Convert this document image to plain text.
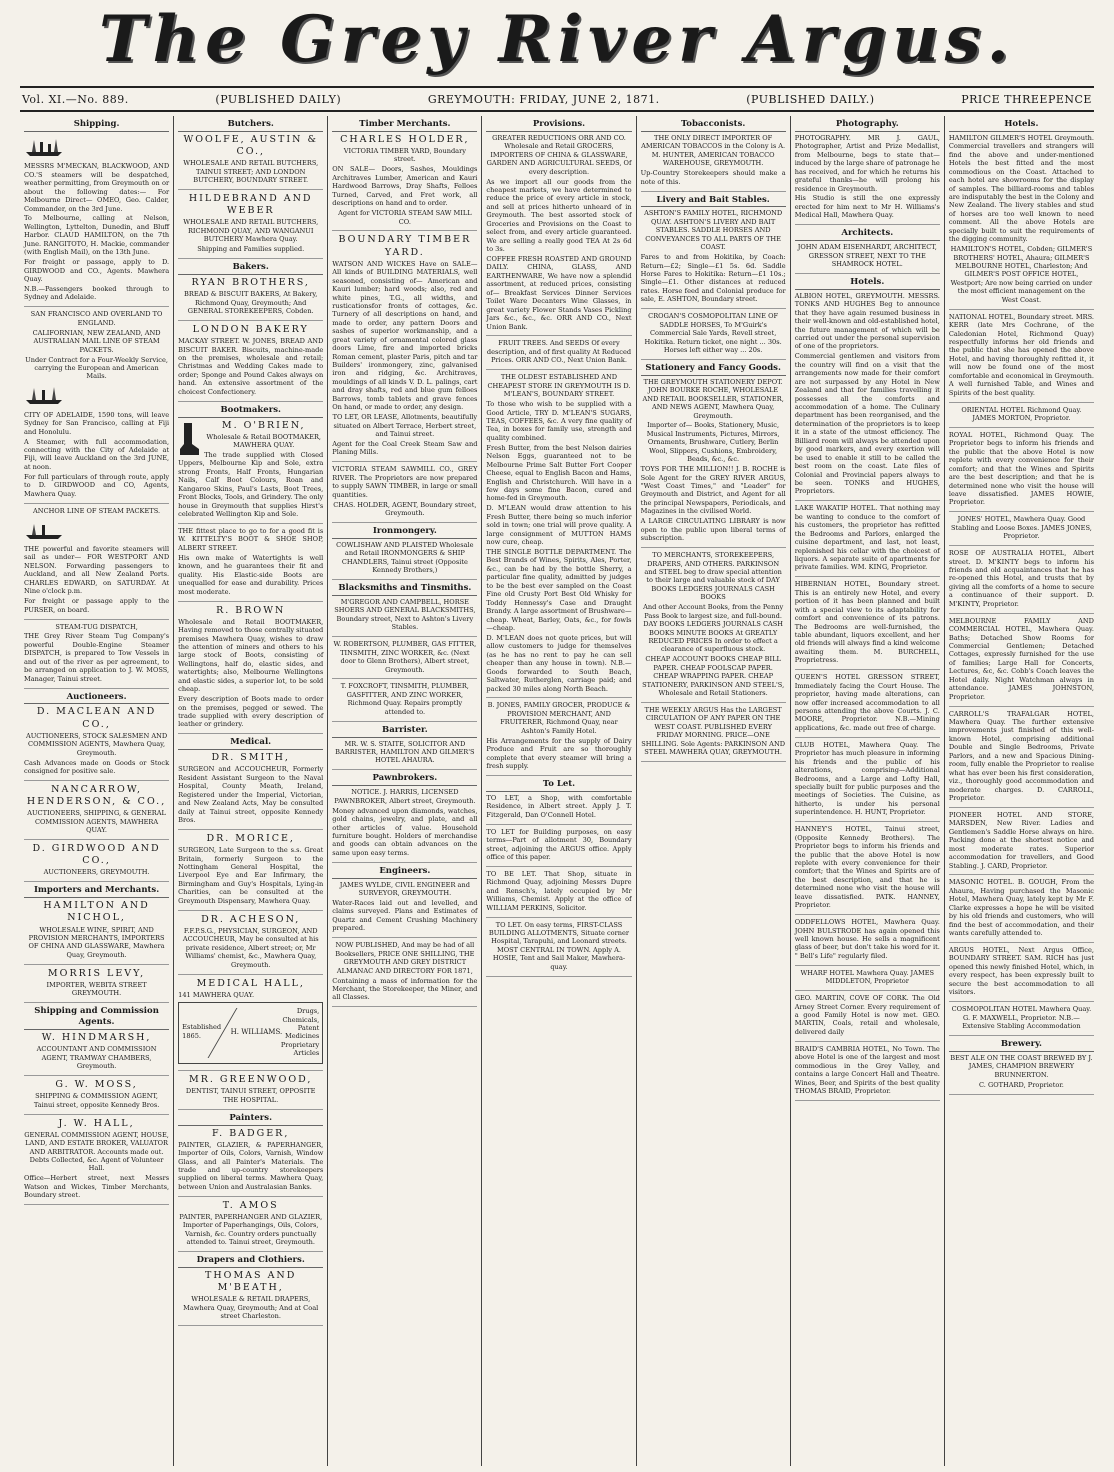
The Grey River Argus.
Vol. XI.—No. 889.	(PUBLISHED DAILY)	GREYMOUTH: FRIDAY, JUNE 2, 1871.	(PUBLISHED DAILY.)	PRICE THREEPENCE
Shipping.

MESSRS M'MECKAN, BLACKWOOD, AND CO.'S steamers will be despatched, weather permitting, from Greymouth on or about the following dates:— For Melbourne Direct— OMEO, Geo. Calder, Commander, on the 3rd June.

To Melbourne, calling at Nelson, Wellington, Lyttelton, Dunedin, and Bluff Harbor. CLAUD HAMILTON, on the 7th June. RANGITOTO, H. Mackie, commander (with English Mail), on the 13th June.

For freight or passage, apply to D. GIRDWOOD and CO., Agents. Mawhera Quay.

N.B.—Passengers booked through to Sydney and Adelaide.

SAN FRANCISCO AND OVERLAND TO ENGLAND.

CALIFORNIAN, NEW ZEALAND, AND AUSTRALIAN MAIL LINE OF STEAM PACKETS.

Under Contract for a Four-Weekly Service, carrying the European and American Mails.

CITY OF ADELAIDE, 1590 tons, will leave Sydney for San Francisco, calling at Fiji and Honolulu.

A Steamer, with full accommodation, connecting with the City of Adelaide at Fiji, will leave Auckland on the 3rd JUNE, at noon.

For full particulars of through route, apply to D. GIRDWOOD and CO, Agents, Mawhera Quay.

ANCHOR LINE OF STEAM PACKETS.

THE powerful and favorite steamers will sail as under— FOR WESTPORT AND NELSON. Forwarding passengers to Auckland, and all New Zealand Ports. CHARLES EDWARD, on SATURDAY. At Nine o'clock p.m.

For freight or passage apply to the PURSER, on board.

STEAM-TUG DISPATCH,

THE Grey River Steam Tug Company's powerful Double-Engine Steamer DISPATCH, is prepared to Tow Vessels in and out of the river as per agreement, to be arranged on application to J. W. MOSS, Manager, Tainui street.

Auctioneers.
D. MACLEAN AND CO.,

AUCTIONEERS, STOCK SALESMEN AND COMMISSION AGENTS, Mawhera Quay, Greymouth.

Cash Advances made on Goods or Stock consigned for positive sale.

NANCARROW, HENDERSON, & CO.,

AUCTIONEERS, SHIPPING, & GENERAL COMMISSION AGENTS, MAWHERA QUAY.

D. GIRDWOOD AND CO.,

AUCTIONEERS, GREYMOUTH.

Importers and Merchants.
HAMILTON AND NICHOL,

WHOLESALE WINE, SPIRIT, AND PROVISION MERCHANTS, IMPORTERS OF CHINA AND GLASSWARE, Mawhera Quay, Greymouth.

MORRIS LEVY,

IMPORTER, WEBITA STREET GREYMOUTH.

Shipping and Commission Agents.
W. HINDMARSH,

ACCOUNTANT AND COMMISSION AGENT, TRAMWAY CHAMBERS, Greymouth.

G. W. MOSS,

SHIPPING & COMMISSION AGENT, Tainui street, opposite Kennedy Bros.

J. W. HALL,

GENERAL COMMISSION AGENT, HOUSE, LAND, AND ESTATE BROKER, VALUATOR AND ARBITRATOR. Accounts made out. Debts Collected, &c. Agent of Volunteer Hall.

Office—Herbert street, next Messrs Watson and Wickes, Timber Merchants, Boundary street.

Butchers.
WOOLFE, AUSTIN & CO.,

WHOLESALE AND RETAIL BUTCHERS, TAINUI STREET; AND LONDON BUTCHERY, BOUNDARY STREET.

HILDEBRAND AND WEBER

WHOLESALE AND RETAIL BUTCHERS, RICHMOND QUAY, AND WANGANUI BUTCHERY Mawhera Quay.

Shipping and Families supplied.

Bakers.
RYAN BROTHERS,

BREAD & BISCUIT BAKERS, At Bakery, Richmond Quay, Greymouth; And GENERAL STOREKEEPERS, Cobden.

LONDON BAKERY

MACKAY STREET. W. JONES, BREAD AND BISCUIT BAKER. Biscuits, machine-made on the premises, wholesale and retail; Christmas and Wedding Cakes made to order; Sponge and Pound Cakes always on hand. An extensive assortment of the choicest Confectionery.

Bootmakers.
M. O'BRIEN,

Wholesale & Retail BOOTMAKER, MAWHERA QUAY.

The trade supplied with Closed Uppers, Melbourne Kip and Sole, extra strong Fronts, Half Fronts, Hungarian Nails, Calf Boot Colours, Roan and Kangaroo Skins, Paul's Lasts, Boot Trees, Front Blocks, Tools, and Grindery. The only house in Greymouth that supplies Hirst's celebrated Wellington Kip and Sole.

THE fittest place to go to for a good fit is W. KITTELTY'S BOOT & SHOE SHOP, ALBERT STREET.

His own make of Watertights is well known, and he guarantees their fit and quality. His Elastic-side Boots are unequalled for ease and durability. Prices most moderate.

R. BROWN

Wholesale and Retail BOOTMAKER, Having removed to those centrally situated premises Mawhera Quay, wishes to draw the attention of miners and others to his large stock of Boots, consisting of Wellingtons, half do, elastic sides, and watertights; also, Melbourne Wellingtons and elastic sides, a superior lot, to be sold cheap.

Every description of Boots made to order on the premises, pegged or sewed. The trade supplied with every description of leather or grindery.

Medical.
DR. SMITH,

SURGEON and ACCOUCHEUR, Formerly Resident Assistant Surgeon to the Naval Hospital, County Meath, Ireland, Registered under the Imperial, Victorian, and New Zealand Acts, May be consulted daily at Tainui street, opposite Kennedy Bros.

DR. MORICE,

SURGEON, Late Surgeon to the s.s. Great Britain, formerly Surgeon to the Nottingham General Hospital, the Liverpool Eye and Ear Infirmary, the Birmingham and Guy's Hospitals, Lying-in Charities, can be consulted at the Greymouth Dispensary, Mawhera Quay.

DR. ACHESON,

F.F.P.S.G., PHYSICIAN, SURGEON, AND ACCOUCHEUR, May be consulted at his private residence, Albert street; or, Mr Williams' chemist, &c., Mawhera Quay, Greymouth.

MEDICAL HALL,

141 MAWHERA QUAY.

Established 1865.	H. WILLIAMS.
Drugs, Chemicals, Patent Medicines Proprietary Articles
MR. GREENWOOD,

DENTIST, TAINUI STREET, OPPOSITE THE HOSPITAL.

Painters.
F. BADGER,

PAINTER, GLAZIER, & PAPERHANGER, Importer of Oils, Colors, Varnish, Window Glass, and all Painter's Materials. The trade and up-country storekeepers supplied on liberal terms. Mawhera Quay, between Union and Australasian Banks.

T. AMOS

PAINTER, PAPERHANGER AND GLAZIER, Importer of Paperhangings, Oils, Colors, Varnish, &c. Country orders punctually attended to. Tainui street, Greymouth.

Drapers and Clothiers.
THOMAS AND M'BEATH,

WHOLESALE & RETAIL DRAPERS, Mawhera Quay, Greymouth; And at Coal street Charleston.

Timber Merchants.
CHARLES HOLDER,

VICTORIA TIMBER YARD, Boundary street.

ON SALE— Doors, Sashes, Mouldings Architraves Lumber, American and Kauri Hardwood Barrows, Dray Shafts, Felloes Turned, Carved, and Fret work, all descriptions on hand and to order.

Agent for VICTORIA STEAM SAW MILL CO.

BOUNDARY TIMBER YARD.

WATSON AND WICKES Have on SALE— All kinds of BUILDING MATERIALS, well seasoned, consisting of— American and Kauri lumber; hard woods; also, red and white pines, T.G., all widths, and rusticationsfor fronts of cottages, &c. Turnery of all descriptions on hand, and made to order, any pattern Doors and sashes of superior workmanship, and a great variety of ornamental colored glass doors Lime, fire and imported bricks Roman cement, plaster Paris, pitch and tar Builders' ironmongery, zinc, galvanised iron and ridging, &c. Architraves, mouldings of all kinds V. D. L. palings, cart and dray shafts, red and blue gum felloes Barrows, tomb tablets and grave fences On hand, or made to order, any design.

TO LET, OR LEASE, Allotments, beautifully situated on Albert Terrace, Herbert street, and Tainui street.

Agent for the Coal Creek Steam Saw and Planing Mills.

VICTORIA STEAM SAWMILL CO., GREY RIVER. The Proprietors are now prepared to supply SAWN TIMBER, in large or small quantities.

CHAS. HOLDER, AGENT, Boundary street, Greymouth.

Ironmongery.

COWLISHAW AND PLAISTED Wholesale and Retail IRONMONGERS & SHIP CHANDLERS, Tainui street (Opposite Kennedy Brothers,)

Blacksmiths and Tinsmiths.

M'GREGOR AND CAMPBELL, HORSE SHOERS AND GENERAL BLACKSMITHS, Boundary street, Next to Ashton's Livery Stables.

W. ROBERTSON, PLUMBER, GAS FITTER, TINSMITH, ZINC WORKER, &c. (Next door to Glenn Brothers), Albert street, Greymouth.

T. FOXCROFT, TINSMITH, PLUMBER, GASFITTER, AND ZINC WORKER, Richmond Quay. Repairs promptly attended to.

Barrister.

MR. W. S. STAITE, SOLICITOR AND BARRISTER, HAMILTON AND GILMER'S HOTEL AHAURA.

Pawnbrokers.

NOTICE. J. HARRIS, LICENSED PAWNBROKER, Albert street, Greymouth.

Money advanced upon diamonds, watches, gold chains, jewelry, and plate, and all other articles of value. Household furniture bought. Holders of merchandise and goods can obtain advances on the same upon easy terms.

Engineers.

JAMES WYLDE, CIVIL ENGINEER and SURVEYOR, GREYMOUTH.

Water-Races laid out and levelled, and claims surveyed. Plans and Estimates of Quartz and Cement Crushing Machinery prepared.

NOW PUBLISHED, And may be had of all Booksellers, PRICE ONE SHILLING, THE GREYMOUTH AND GREY DISTRICT ALMANAC AND DIRECTORY FOR 1871,

Containing a mass of information for the Merchant, the Storekeeper, the Miner, and all Classes.

Provisions.

GREATER REDUCTIONS ORR AND CO. Wholesale and Retail GROCERS, IMPORTERS OF CHINA & GLASSWARE, GARDEN AND AGRICULTURAL SEEDS, Of every description.

As we import all our goods from the cheapest markets, we have determined to reduce the price of every article in stock, and sell at prices hitherto unheard of in Greymouth. The best assorted stock of Groceries and Provisions on the Coast to select from, and every article guaranteed. We are selling a really good TEA At 2s 6d to 3s.

COFFEE FRESH ROASTED AND GROUND DAILY. CHINA, GLASS, AND EARTHENWARE, We have now a splendid assortment, at reduced prices, consisting of— Breakfast Services Dinner Services Toilet Ware Decanters Wine Glasses, in great variety Flower Stands Vases Pickling Jars &c., &c., &c. ORR AND CO., Next Union Bank.

FRUIT TREES. And SEEDS Of every description, and of first quality At Reduced Prices. ORR AND CO., Next Union Bank.

THE OLDEST ESTABLISHED AND CHEAPEST STORE IN GREYMOUTH IS D. M'LEAN'S, BOUNDARY STREET.

To those who wish to be supplied with a Good Article, TRY D. M'LEAN'S SUGARS, TEAS, COFFEES, &c. A very fine quality of Tea, in boxes for family use, strength and quality combined.

Fresh Butter, from the best Nelson dairies Nelson Eggs, guaranteed not to be Melbourne Prime Salt Butter Fort Cooper Cheese, equal to English Bacon and Hams, English and Christchurch. Will have in a few days some fine Bacon, cured and home-fed in Greymouth.

D. M'LEAN would draw attention to his Fresh Butter, there being so much inferior sold in town; one trial will prove quality. A large consignment of MUTTON HAMS now cure, cheap.

THE SINGLE BOTTLE DEPARTMENT. The Best Brands of Wines, Spirits, Ales, Porter, &c., can be had by the bottle Sherry, a particular fine quality, admitted by judges to be the best ever sampled on the Coast Fine old Crusty Port Best Old Whisky for Toddy Hennessy's Case and Draught Brandy. A large assortment of Brushware—cheap. Wheat, Barley, Oats, &c., for fowls—cheap.

D. M'LEAN does not quote prices, but will allow customers to judge for themselves (as he has no rent to pay he can sell cheaper than any house in town). N.B.—Goods forwarded to South Beach, Saltwater, Rutherglen, carriage paid; and packed 30 miles along North Beach.

B. JONES, FAMILY GROCER, PRODUCE & PROVISION MERCHANT, AND FRUITERER, Richmond Quay, near Ashton's Family Hotel.

His Arrangements for the supply of Dairy Produce and Fruit are so thoroughly complete that every steamer will bring a fresh supply.

To Let.

TO LET, a Shop, with comfortable Residence, in Albert street. Apply J. T. Fitzgerald, Dan O'Connell Hotel.

TO LET for Building purposes, on easy terms—Part of allotment 30, Boundary street, adjoining the ARGUS office. Apply office of this paper.

TO BE LET. That Shop, situate in Richmond Quay, adjoining Messrs Dupre and Rensch's, lately occupied by Mr Williams, Chemist. Apply at the office of WILLIAM PERKINS, Solicitor.

TO LET. On easy terms, FIRST-CLASS BUILDING ALLOTMENTS, Situate corner Hospital, Tarapuhi, and Leonard streets. MOST CENTRAL IN TOWN. Apply A. HOSIE, Tent and Sail Maker, Mawhera-quay.

Tobacconists.

THE ONLY DIRECT IMPORTER OF AMERICAN TOBACCOS in the Colony is A. M. HUNTER, AMERICAN TOBACCO WAREHOUSE, GREYMOUTH.

Up-Country Storekeepers should make a note of this.

Livery and Bait Stables.

ASHTON'S FAMILY HOTEL, RICHMOND QUAY. ASHTON'S LIVERY AND BAIT STABLES. SADDLE HORSES AND CONVEYANCES TO ALL PARTS OF THE COAST.

Fares to and from Hokitika, by Coach: Return—£2; Single—£1 5s. 6d. Saddle Horse Fares to Hokitika: Return—£1 10s.; Single—£1. Other distances at reduced rates. Horse feed and Colonial produce for sale, E. ASHTON, Boundary street.

CROGAN'S COSMOPOLITAN LINE OF SADDLE HORSES, To M'Guirk's Commercial Sale Yards, Revell street, Hokitika. Return ticket, one night ... 30s. Horses left either way ... 20s.

Stationery and Fancy Goods.

THE GREYMOUTH STATIONERY DEPOT. JOHN BOURKE ROCHE, WHOLESALE AND RETAIL BOOKSELLER, STATIONER, AND NEWS AGENT, Mawhera Quay, Greymouth.

Importer of— Books, Stationery, Music, Musical Instruments, Pictures, Mirrors, Ornaments, Brushware, Cutlery, Berlin Wool, Slippers, Cushions, Embroidery, Beads, &c., &c.

TOYS FOR THE MILLION!! J. B. ROCHE is Sole Agent for the GREY RIVER ARGUS, "West Coast Times," and "Leader" for Greymouth and District, and Agent for all the principal Newspapers, Periodicals, and Magazines in the civilised World.

A LARGE CIRCULATING LIBRARY is now open to the public upon liberal terms of subscription.

TO MERCHANTS, STOREKEEPERS, DRAPERS, AND OTHERS. PARKINSON and STEEL beg to draw special attention to their large and valuable stock of DAY BOOKS LEDGERS JOURNALS CASH BOOKS

And other Account Books, from the Penny Pass Book to largest size, and full-bound. DAY BOOKS LEDGERS JOURNALS CASH BOOKS MINUTE BOOKS At GREATLY REDUCED PRICES In order to effect a clearance of superfluous stock.

CHEAP ACCOUNT BOOKS CHEAP BILL PAPER. CHEAP FOOLSCAP PAPER. CHEAP WRAPPING PAPER. CHEAP STATIONERY, PARKINSON AND STEEL'S, Wholesale and Retail Stationers.

THE WEEKLY ARGUS Has the LARGEST CIRCULATION OF ANY PAPER ON THE WEST COAST. PUBLISHED EVERY FRIDAY MORNING. PRICE—ONE SHILLING. Sole Agents: PARKINSON AND STEEL MAWHERA QUAY, GREYMOUTH.

Photography.

PHOTOGRAPHY. MR J. GAUL, Photographer, Artist and Prize Medallist, from Melbourne, begs to state that—induced by the large share of patronage he has received, and for which he returns his grateful thanks—he will prolong his residence in Greymouth.

His Studio is still the one expressly erected for him next to Mr H. Williams's Medical Hall, Mawhera Quay.

Architects.

JOHN ADAM EISENHARDT, ARCHITECT, GRESSON STREET, NEXT TO THE SHAMROCK HOTEL.

Hotels.

ALBION HOTEL, GREYMOUTH. MESSRS. TONKS AND HUGHES Beg to announce that they have again resumed business in their well-known and old-established hotel, the future management of which will be carried out under the personal supervision of one of the proprietors.

Commercial gentlemen and visitors from the country will find on a visit that the arrangements now made for their comfort are not surpassed by any Hotel in New Zealand and that for families travelling it possesses all the comforts and accommodation of a home. The Culinary department has been reorganised, and the determination of the proprietors is to keep it in a state of the utmost efficiency. The Billiard room will always be attended upon by good markers, and every exertion will be used to enable it still to be called the best room on the coast. Late files of Colonial and Provincial papers always to be seen. TONKS and HUGHES, Proprietors.

LAKE WAKATIP HOTEL. That nothing may be wanting to conduce to the comfort of his customers, the proprietor has refitted the Bedrooms and Parlors, enlarged the cuisine department, and last, not least, replenished his cellar with the choicest of liquors. A separate suite of apartments for private families. WM. KING, Proprietor.

HIBERNIAN HOTEL, Boundary street. This is an entirely new Hotel, and every portion of it has been planned and built with a special view to its adaptability for comfort and convenience of its patrons. The Bedrooms are well-furnished, the table abundant, liquors excellent, and her old friends will always find a kind welcome awaiting them. M. BURCHELL, Proprietress.

QUEEN'S HOTEL GRESSON STREET, Immediately facing the Court House. The proprietor, having made alterations, can now offer increased accommodation to all persons attending the above Courts. J. C. MOORE, Proprietor. N.B.—Mining applications, &c. made out free of charge.

CLUB HOTEL, Mawhera Quay. The Proprietor has much pleasure in informing his friends and the public of his alterations, comprising—Additional Bedrooms, and a Large and Lofty Hall, specially built for public purposes and the meetings of Societies. The Cuisine, as hitherto, is under his personal superintendence. H. HUNT, Proprietor.

HANNEY'S HOTEL, Tainui street, (Opposite Kennedy Brothers). The Proprietor begs to inform his friends and the public that the above Hotel is now replete with every convenience for their comfort; that the Wines and Spirits are of the best description, and that he is determined none who visit the house will leave dissatisfied. PATK. HANNEY, Proprietor.

ODDFELLOWS HOTEL, Mawhera Quay. JOHN BULSTRODE has again opened this well known house. He sells a magnificent glass of beer, but don't take his word for it. " Bell's Life" regularly filed.

WHARF HOTEL Mawhera Quay. JAMES MIDDLETON, Proprietor

GEO. MARTIN, COVE OF CORK. The Old Arney Street Corner. Every requirement of a good Family Hotel is now met. GEO. MARTIN, Coals, retail and wholesale, delivered daily

BRAID'S CAMBRIA HOTEL, No Town. The above Hotel is one of the largest and most commodious in the Grey Valley, and contains a large Concert Hall and Theatre. Wines, Beer, and Spirits of the best quality THOMAS BRAID, Proprietor.

Hotels.

HAMILTON GILMER'S HOTEL Greymouth. Commercial travellers and strangers will find the above and under-mentioned Hotels the best fitted and the most commodious on the Coast. Attached to each hotel are showrooms for the display of samples. The billiard-rooms and tables are indisputably the best in the Colony and New Zealand. The livery stables and stud of horses are too well known to need comment. All the above Hotels are specially built to suit the requirements of the digging community.

HAMILTON'S HOTEL, Cobden; GILMER'S BROTHERS' HOTEL, Ahaura; GILMER'S MELBOURNE HOTEL, Charleston; And GILMER'S POST OFFICE HOTEL, Westport; Are now being carried on under the most efficient management on the West Coast.

NATIONAL HOTEL, Boundary street. MRS. KERR (late Mrs Cochrane, of the Caledonian Hotel, Richmond Quay) respectfully informs her old friends and the public that she has opened the above Hotel, and having thoroughly refitted it, it will now be found one of the most comfortable and economical in Greymouth. A well furnished Table, and Wines and Spirits of the best quality.

ORIENTAL HOTEL Richmond Quay. JAMES MORTON, Proprietor.

ROYAL HOTEL, Richmond Quay. The Proprietor begs to inform his friends and the public that the above Hotel is now replete with every convenience for their comfort; and that the Wines and Spirits are the best description; and that he is determined none who visit the house will leave dissatisfied. JAMES HOWIE, Proprietor.

JONES' HOTEL, Mawhera Quay. Good Stabling and Loose Boxes. JAMES JONES, Proprietor.

ROSE OF AUSTRALIA HOTEL, Albert street. D. M'KINTY begs to inform his friends and old acquaintances that he has re-opened this Hotel, and trusts that by giving all the comforts of a home to secure a continuance of their support. D. M'KINTY, Proprietor.

MELBOURNE FAMILY AND COMMERCIAL HOTEL, Mawhera Quay. Baths; Detached Show Rooms for Commercial Gentlemen; Detached Cottages, expressly furnished for the use of families; Large Hall for Concerts, Lectures, &c, &c. Cobb's Coach leaves the Hotel daily. Night Watchman always in attendance. JAMES JOHNSTON, Proprietor.

CARROLL'S TRAFALGAR HOTEL, Mawhera Quay. The further extensive improvements just finished of this well-known Hotel, comprising additional Double and Single Bedrooms, Private Parlors, and a new and Spacious Dining-room, fully enable the Proprietor to realise what has ever been his first consideration, viz., thoroughly good accommodation and moderate charges. D. CARROLL, Proprietor.

PIONEER HOTEL AND STORE, MARSDEN, New River. Ladies and Gentlemen's Saddle Horse always on hire. Packing done at the shortest notice and most moderate rates. Superior accommodation for travellers, and Good Stabling. J. CARD, Proprietor.

MASONIC HOTEL. B. GOUGH, From the Ahaura, Having purchased the Masonic Hotel, Mawhera Quay, lately kept by Mr F. Clarke expresses a hope he will be visited by his old friends and customers, who will find the best of accommodation, and their wants carefully attended to.

ARGUS HOTEL, Next Argus Office, BOUNDARY STREET. SAM. RICH has just opened this newly finished Hotel, which, in every respect, has been expressly built to secure the best accommodation to all visitors.

COSMOPOLITAN HOTEL Mawhera Quay. G. F. MAXWELL, Proprietor. N.B.—Extensive Stabling Accommodation

Brewery.

BEST ALE ON THE COAST BREWED BY J. JAMES, CHAMPION BREWERY BRUNNERTON.

C. GOTHARD, Proprietor.
